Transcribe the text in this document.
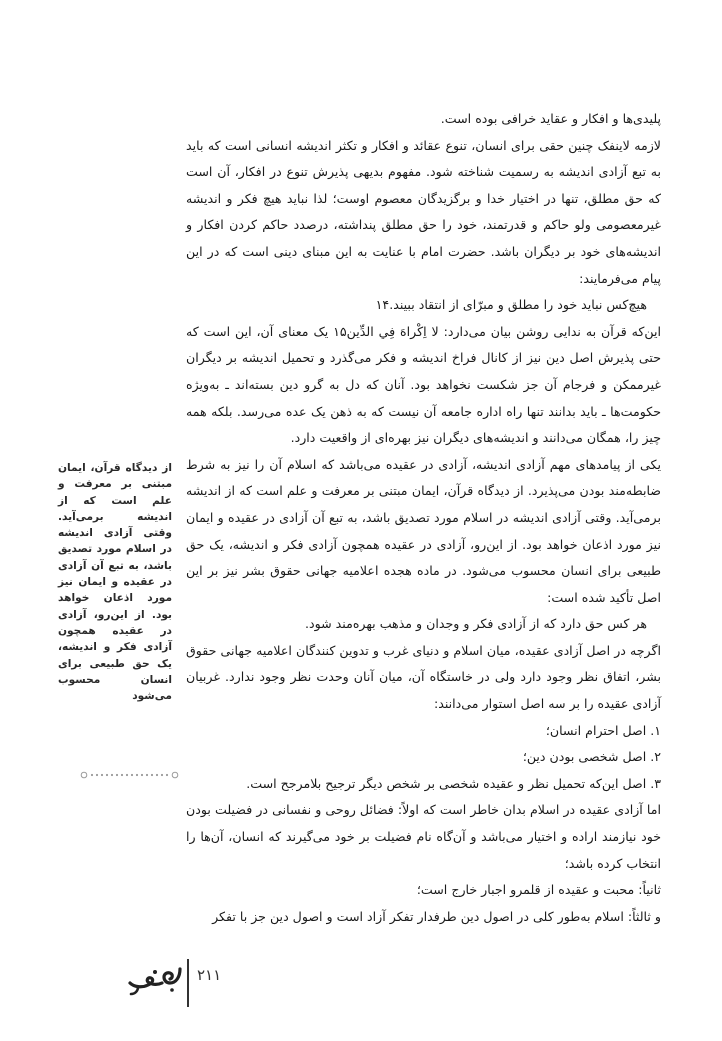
پلیدی‌ها و افکار و عقاید خرافی بوده است.

لازمه لاینفک چنین حقی برای انسان، تنوع عقائد و افکار و تکثر اندیشه انسانی است که باید به تبع آزادی اندیشه به رسمیت شناخته شود. مفهوم بدیهی پذیرش تنوع در افکار، آن است که حق مطلق، تنها در اختیار خدا و برگزیدگان معصوم اوست؛ لذا نباید هیچ فکر و اندیشه غیرمعصومی ولو حاکم و قدرتمند، خود را حق مطلق پنداشته، درصدد حاکم کردن افکار و اندیشه‌های خود بر دیگران باشد. حضرت امام با عنایت به این مبنای دینی است که در این پیام می‌فرمایند:

هیچ‌کس نباید خود را مطلق و مبرّای از انتقاد ببیند.۱۴

این‌که قرآن به ندایی روشن بیان می‌دارد: لا اِكْراهَ فِي الدِّين۱۵ یک معنای آن، این است که حتی پذیرش اصل دین نیز از کانال فراخ اندیشه و فکر می‌گذرد و تحمیل اندیشه بر دیگران غیرممکن و فرجام آن جز شکست نخواهد بود. آنان که دل به گرو دین بسته‌اند ـ به‌ویژه حکومت‌ها ـ باید بدانند تنها راه اداره جامعه آن نیست که به ذهن یک عده می‌رسد. بلکه همه چیز را، همگان می‌دانند و اندیشه‌های دیگران نیز بهره‌ای از واقعیت دارد.

یکی از پیامدهای مهم آزادی اندیشه، آزادی در عقیده می‌باشد که اسلام آن را نیز به شرط ضابطه‌مند بودن می‌پذیرد. از دیدگاه قرآن، ایمان مبتنی بر معرفت و علم است که از اندیشه برمی‌آید. وقتی آزادی اندیشه در اسلام مورد تصدیق باشد، به تبع آن آزادی در عقیده و ایمان نیز مورد اذعان خواهد بود. از این‌رو، آزادی در عقیده همچون آزادی فکر و اندیشه، یک حق طبیعی برای انسان محسوب می‌شود. در ماده هجده اعلامیه جهانی حقوق بشر نیز بر این اصل تأکید شده است:

هر کس حق دارد که از آزادی فکر و وجدان و مذهب بهره‌مند شود.

اگرچه در اصل آزادی عقیده، میان اسلام و دنیای غرب و تدوین کنندگان اعلامیه جهانی حقوق بشر، اتفاق نظر وجود دارد ولی در خاستگاه آن، میان آنان وحدت نظر وجود ندارد. غربیان آزادی عقیده را بر سه اصل استوار می‌دانند:

۱. اصل احترام انسان؛

۲. اصل شخصی بودن دین؛

۳. اصل این‌که تحمیل نظر و عقیده شخصی بر شخص دیگر ترجیح بلامرجح است.

اما آزادی عقیده در اسلام بدان خاطر است که اولاً: فضائل روحی و نفسانی در فضیلت بودن خود نیازمند اراده و اختیار می‌باشد و آن‌گاه نام فضیلت بر خود می‌گیرند که انسان، آن‌ها را انتخاب کرده باشد؛

ثانیاً: محبت و عقیده از قلمرو اجبار خارج است؛

و ثالثاً: اسلام به‌طور کلی در اصول دین طرفدار تفکر آزاد است و اصول دین جز با تفکر

از دیدگاه قرآن، ایمان مبتنی بر معرفت و علم است که از اندیشه برمی‌آید. وقتی آزادی اندیشه در اسلام مورد تصدیق باشد، به تبع آن آزادی در عقیده و ایمان نیز مورد اذعان خواهد بود. از این‌رو، آزادی در عقیده همچون آزادی فکر و اندیشه، یک حق طبیعی برای انسان محسوب می‌شود
۲۱۱
